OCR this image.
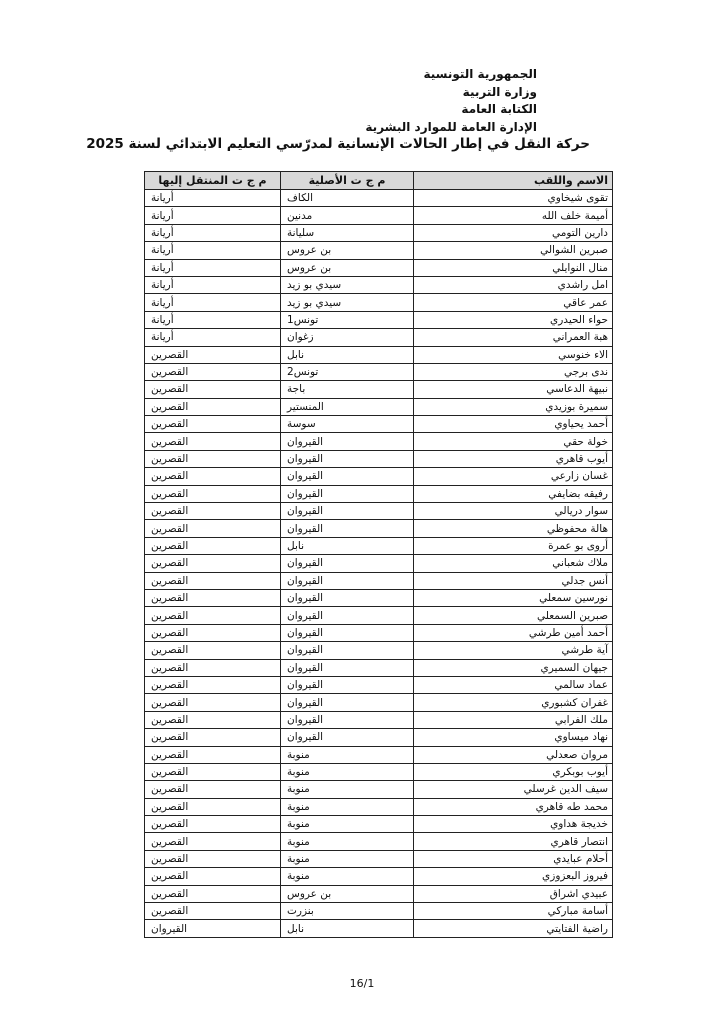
الجمهورية التونسية
وزارة التربية
الكتابة العامة
الإدارة العامة للموارد البشرية
حركة النقل في إطار الحالات الإنسانية لمدرّسي التعليم الابتدائي لسنة 2025
الاسم واللقب	م ج ت الأصلية	م ج ت المنتقل إليها
تقوى شيخاوي	الكاف	أريانة
أميمة خلف الله	مدنين	أريانة
دارين التومي	سليانة	أريانة
صبرين الشوالي	بن عروس	أريانة
منال النوايلي	بن عروس	أريانة
امل راشدي	سيدي بو زيد	أريانة
عمر عاقي	سيدي بو زيد	أريانة
حواء الحيدري	تونس1	أريانة
هبة العمراني	زغوان	أريانة
الاء خنوسي	نابل	القصرين
ندى برجي	تونس2	القصرين
نبيهة الدعاسي	باجة	القصرين
سميرة بوزيدي	المنستير	القصرين
أحمد يحياوي	سوسة	القصرين
خولة حقي	القيروان	القصرين
أيوب قاهري	القيروان	القصرين
غسان زارعي	القيروان	القصرين
رفيقه بضايفي	القيروان	القصرين
سوار دريالي	القيروان	القصرين
هالة محفوظي	القيروان	القصرين
أروى بو عمرة	نابل	القصرين
ملاك شعباني	القيروان	القصرين
أنس جدلي	القيروان	القصرين
نورسين سمعلي	القيروان	القصرين
صبرين السمعلي	القيروان	القصرين
أحمد أمين طرشي	القيروان	القصرين
آية طرشي	القيروان	القصرين
جيهان السميري	القيروان	القصرين
عماد سالمي	القيروان	القصرين
غفران كشبوري	القيروان	القصرين
ملك الفرابي	القيروان	القصرين
نهاد ميساوي	القيروان	القصرين
مروان صعدلي	منوبة	القصرين
أيوب بوبكري	منوبة	القصرين
سيف الدين غرسلي	منوبة	القصرين
محمد طه قاهري	منوبة	القصرين
خديجة هداوي	منوبة	القصرين
انتصار قاهري	منوبة	القصرين
أحلام عبايدي	منوبة	القصرين
فيروز البعزوزي	منوبة	القصرين
عبيدي اشراق	بن عروس	القصرين
أسامة مباركي	بنزرت	القصرين
راضية الفتايتي	نابل	القيروان
16/1
